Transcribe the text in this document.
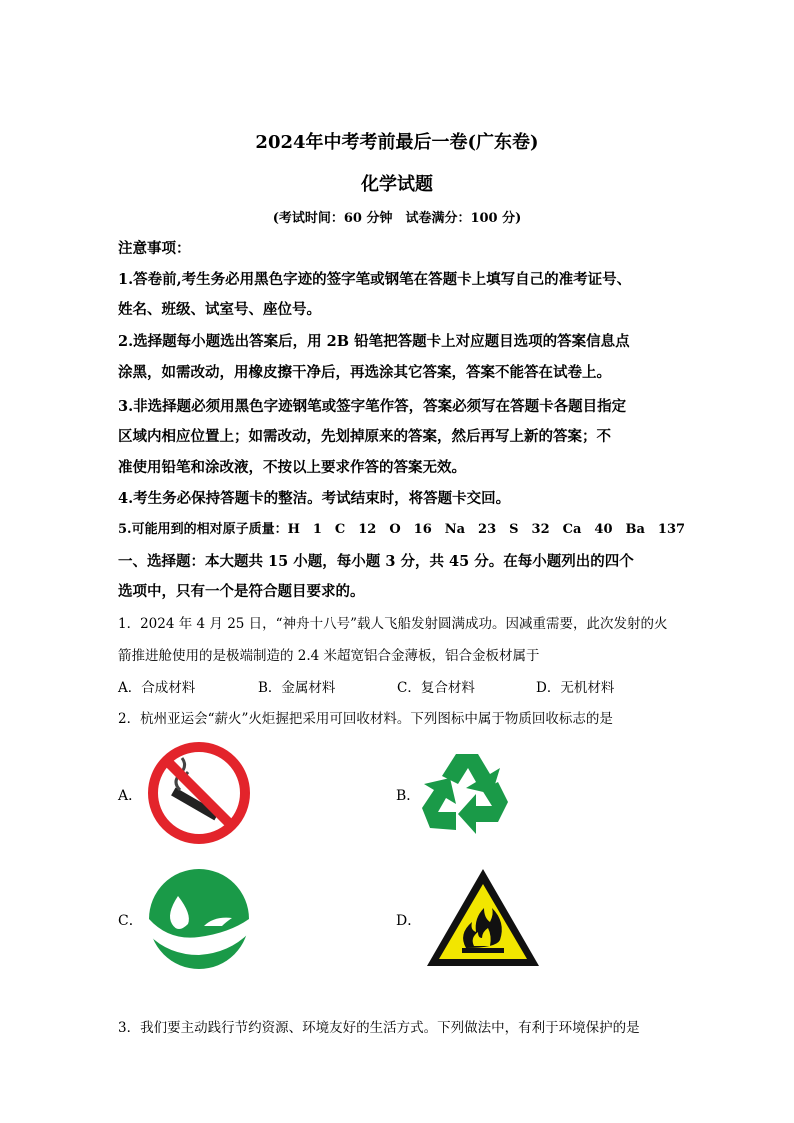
2024年中考考前最后一卷(广东卷)
化学试题
(考试时间：60 分钟　试卷满分：100 分)
注意事项：
1.答卷前,考生务必用黑色字迹的签字笔或钢笔在答题卡上填写自己的准考证号、
姓名、班级、试室号、座位号。
2.选择题每小题选出答案后，用 2B 铅笔把答题卡上对应题目选项的答案信息点
涂黑，如需改动，用橡皮擦干净后，再选涂其它答案，答案不能答在试卷上。
3.非选择题必须用黑色字迹钢笔或签字笔作答，答案必须写在答题卡各题目指定
区域内相应位置上；如需改动，先划掉原来的答案，然后再写上新的答案；不
准使用铅笔和涂改液，不按以上要求作答的答案无效。
4.考生务必保持答题卡的整洁。考试结束时，将答题卡交回。
5.可能用到的相对原子质量：H　1　C　12　O　16　Na　23　S　32　Ca　40　Ba　137
一、选择题：本大题共 15 小题，每小题 3 分，共 45 分。在每小题列出的四个
选项中，只有一个是符合题目要求的。
1．2024 年 4 月 25 日，“神舟十八号”载人飞船发射圆满成功。因减重需要，此次发射的火
箭推进舱使用的是极端制造的 2.4 米超宽铝合金薄板，铝合金板材属于
A．合成材料	B．金属材料	C．复合材料	D．无机材料
2．杭州亚运会“薪火”火炬握把采用可回收材料。下列图标中属于物质回收标志的是
A．	B．
C．	D．
3．我们要主动践行节约资源、环境友好的生活方式。下列做法中，有利于环境保护的是
